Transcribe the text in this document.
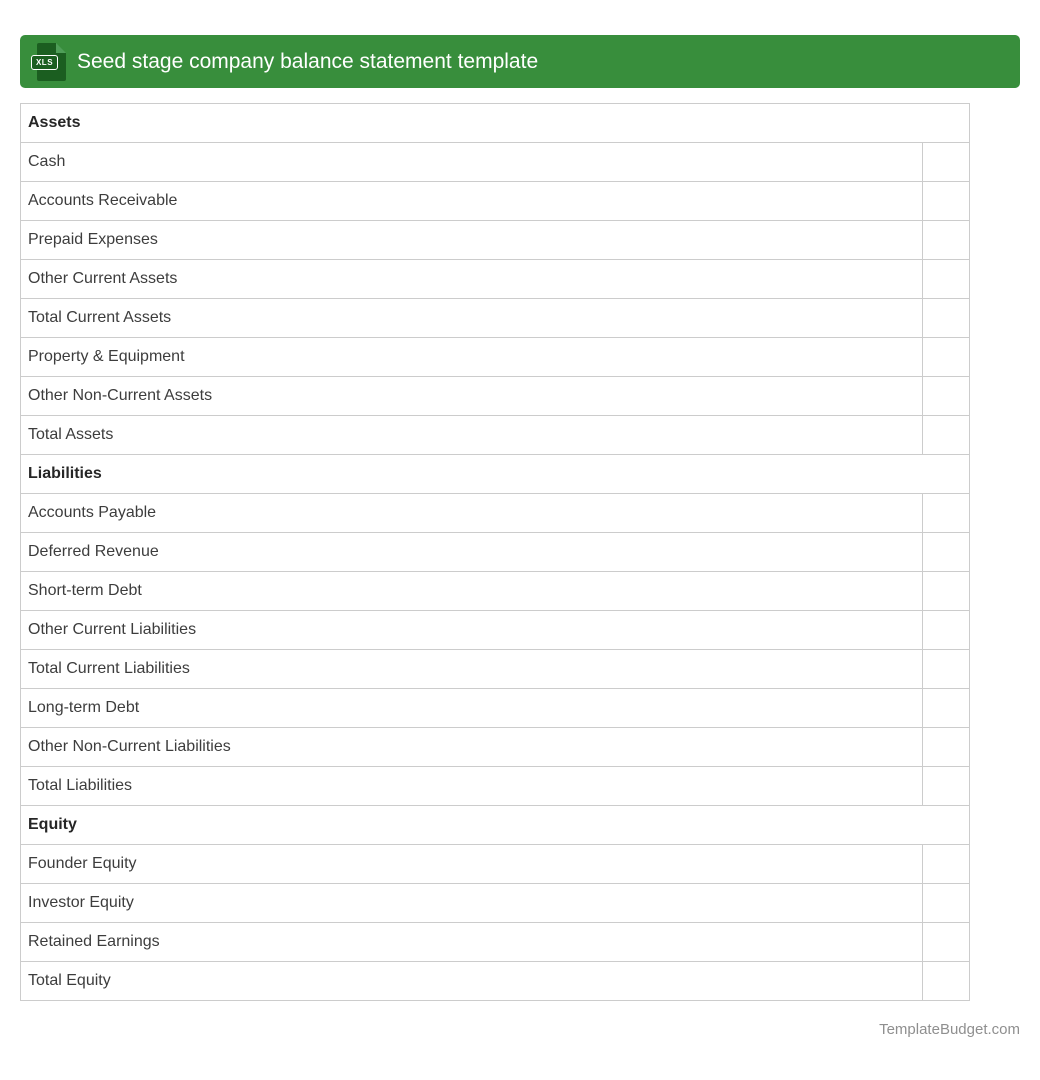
XLS Seed stage company balance statement template
Assets	
Cash	
Accounts Receivable	
Prepaid Expenses	
Other Current Assets	
Total Current Assets	
Property & Equipment	
Other Non-Current Assets	
Total Assets	
Liabilities	
Accounts Payable	
Deferred Revenue	
Short-term Debt	
Other Current Liabilities	
Total Current Liabilities	
Long-term Debt	
Other Non-Current Liabilities	
Total Liabilities	
Equity	
Founder Equity	
Investor Equity	
Retained Earnings	
Total Equity	
TemplateBudget.com
